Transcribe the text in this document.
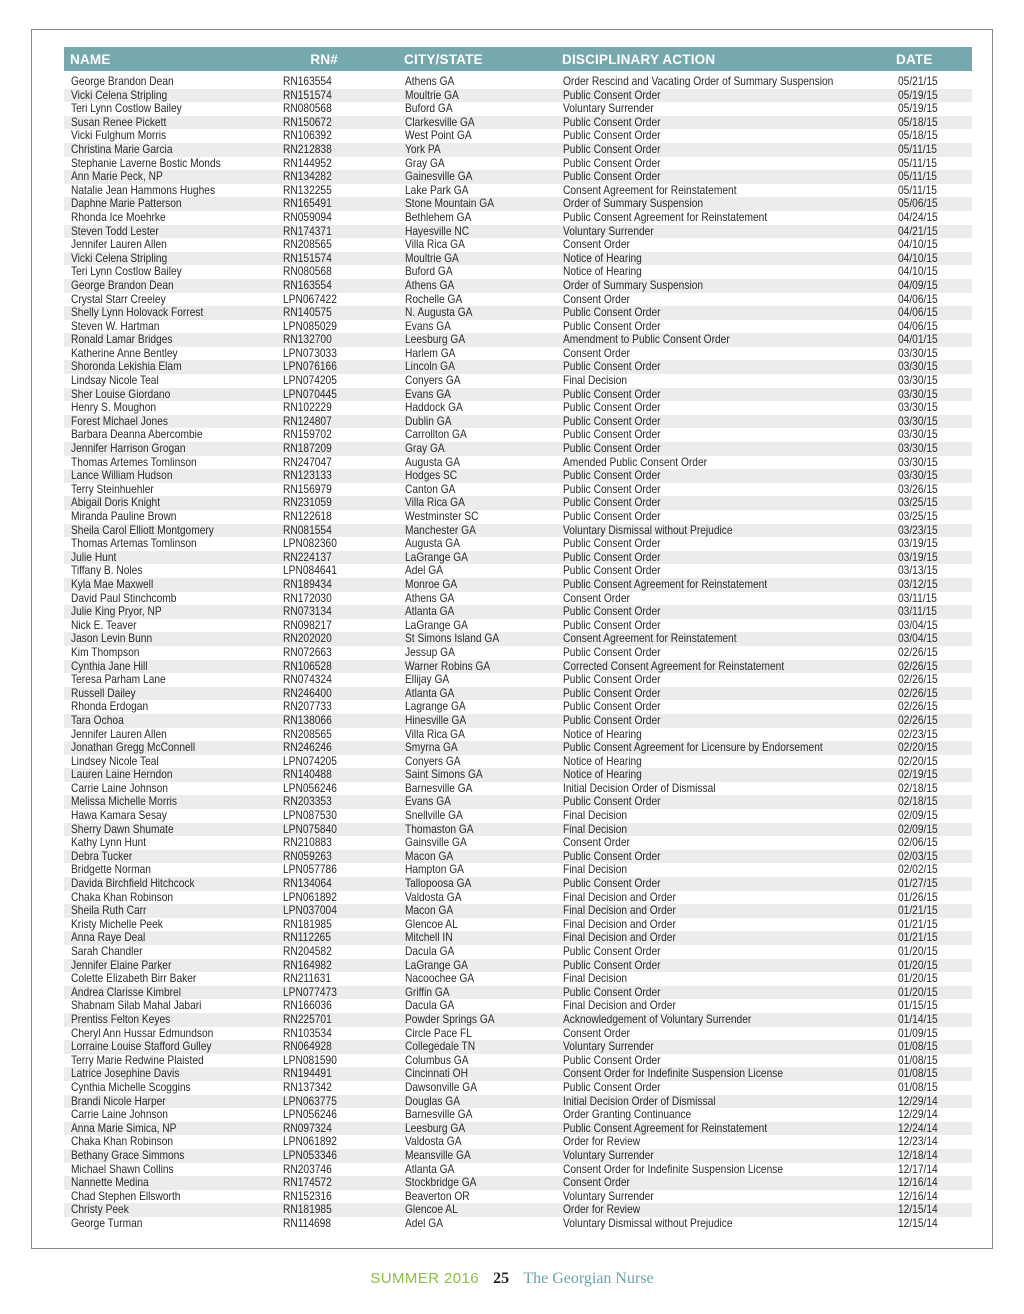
NAME	RN#	CITY/STATE	DISCIPLINARY ACTION	DATE

George Brandon Dean	RN163554	Athens GA	Order Rescind and Vacating Order of Summary Suspension	05/21/15
Vicki Celena Stripling	RN151574	Moultrie GA	Public Consent Order	05/19/15
Teri Lynn Costlow Bailey	RN080568	Buford GA	Voluntary Surrender	05/19/15
Susan Renee Pickett	RN150672	Clarkesville GA	Public Consent Order	05/18/15
Vicki Fulghum Morris	RN106392	West Point GA	Public Consent Order	05/18/15
Christina Marie Garcia	RN212838	York PA	Public Consent Order	05/11/15
Stephanie Laverne Bostic Monds	RN144952	Gray GA	Public Consent Order	05/11/15
Ann Marie Peck, NP	RN134282	Gainesville GA	Public Consent Order	05/11/15
Natalie Jean Hammons Hughes	RN132255	Lake Park GA	Consent Agreement for Reinstatement	05/11/15
Daphne Marie Patterson	RN165491	Stone Mountain GA	Order of Summary Suspension	05/06/15
Rhonda Ice Moehrke	RN059094	Bethlehem GA	Public Consent Agreement for Reinstatement	04/24/15
Steven Todd Lester	RN174371	Hayesville NC	Voluntary Surrender	04/21/15
Jennifer Lauren Allen	RN208565	Villa Rica GA	Consent Order	04/10/15
Vicki Celena Stripling	RN151574	Moultrie GA	Notice of Hearing	04/10/15
Teri Lynn Costlow Bailey	RN080568	Buford GA	Notice of Hearing	04/10/15
George Brandon Dean	RN163554	Athens GA	Order of Summary Suspension	04/09/15
Crystal Starr Creeley	LPN067422	Rochelle GA	Consent Order	04/06/15
Shelly Lynn Holovack Forrest	RN140575	N. Augusta GA	Public Consent Order	04/06/15
Steven W. Hartman	LPN085029	Evans GA	Public Consent Order	04/06/15
Ronald Lamar Bridges	RN132700	Leesburg GA	Amendment to Public Consent Order	04/01/15
Katherine Anne Bentley	LPN073033	Harlem GA	Consent Order	03/30/15
Shoronda Lekishia Elam	LPN076166	Lincoln GA	Public Consent Order	03/30/15
Lindsay Nicole Teal	LPN074205	Conyers GA	Final Decision	03/30/15
Sher Louise Giordano	LPN070445	Evans GA	Public Consent Order	03/30/15
Henry S. Moughon	RN102229	Haddock GA	Public Consent Order	03/30/15
Forest Michael Jones	RN124807	Dublin GA	Public Consent Order	03/30/15
Barbara Deanna Abercombie	RN159702	Carrollton GA	Public Consent Order	03/30/15
Jennifer Harrison Grogan	RN187209	Gray GA	Public Consent Order	03/30/15
Thomas Artemes Tomlinson	RN247047	Augusta GA	Amended Public Consent Order	03/30/15
Lance William Hudson	RN123133	Hodges SC	Public Consent Order	03/30/15
Terry Steinhuehler	RN156979	Canton GA	Public Consent Order	03/26/15
Abigail Doris Knight	RN231059	Villa Rica GA	Public Consent Order	03/25/15
Miranda Pauline Brown	RN122618	Westminster SC	Public Consent Order	03/25/15
Sheila Carol Elliott Montgomery	RN081554	Manchester GA	Voluntary Dismissal without Prejudice	03/23/15
Thomas Artemas Tomlinson	LPN082360	Augusta GA	Public Consent Order	03/19/15
Julie Hunt	RN224137	LaGrange GA	Public Consent Order	03/19/15
Tiffany B. Noles	LPN084641	Adel GA	Public Consent Order	03/13/15
Kyla Mae Maxwell	RN189434	Monroe GA	Public Consent Agreement for Reinstatement	03/12/15
David Paul Stinchcomb	RN172030	Athens GA	Consent Order	03/11/15
Julie King Pryor, NP	RN073134	Atlanta GA	Public Consent Order	03/11/15
Nick E. Teaver	RN098217	LaGrange GA	Public Consent Order	03/04/15
Jason Levin Bunn	RN202020	St Simons Island GA	Consent Agreement for Reinstatement	03/04/15
Kim Thompson	RN072663	Jessup GA	Public Consent Order	02/26/15
Cynthia Jane Hill	RN106528	Warner Robins GA	Corrected Consent Agreement for Reinstatement	02/26/15
Teresa Parham Lane	RN074324	Ellijay GA	Public Consent Order	02/26/15
Russell Dailey	RN246400	Atlanta GA	Public Consent Order	02/26/15
Rhonda Erdogan	RN207733	Lagrange GA	Public Consent Order	02/26/15
Tara Ochoa	RN138066	Hinesville GA	Public Consent Order	02/26/15
Jennifer Lauren Allen	RN208565	Villa Rica GA	Notice of Hearing	02/23/15
Jonathan Gregg McConnell	RN246246	Smyrna GA	Public Consent Agreement for Licensure by Endorsement	02/20/15
Lindsey Nicole Teal	LPN074205	Conyers GA	Notice of Hearing	02/20/15
Lauren Laine Herndon	RN140488	Saint Simons GA	Notice of Hearing	02/19/15
Carrie Laine Johnson	LPN056246	Barnesville GA	Initial Decision Order of Dismissal	02/18/15
Melissa Michelle Morris	RN203353	Evans GA	Public Consent Order	02/18/15
Hawa Kamara Sesay	LPN087530	Snellville GA	Final Decision	02/09/15
Sherry Dawn Shumate	LPN075840	Thomaston GA	Final Decision	02/09/15
Kathy Lynn Hunt	RN210883	Gainsville GA	Consent Order	02/06/15
Debra Tucker	RN059263	Macon GA	Public Consent Order	02/03/15
Bridgette Norman	LPN057786	Hampton GA	Final Decision	02/02/15
Davida Birchfield Hitchcock	RN134064	Tallopoosa GA	Public Consent Order	01/27/15
Chaka Khan Robinson	LPN061892	Valdosta GA	Final Decision and Order	01/26/15
Sheila Ruth Carr	LPN037004	Macon GA	Final Decision and Order	01/21/15
Kristy Michelle Peek	RN181985	Glencoe AL	Final Decision and Order	01/21/15
Anna Raye Deal	RN112265	Mitchell IN	Final Decision and Order	01/21/15
Sarah Chandler	RN204582	Dacula GA	Public Consent Order	01/20/15
Jennifer Elaine Parker	RN164982	LaGrange GA	Public Consent Order	01/20/15
Colette Elizabeth Birr Baker	RN211631	Nacoochee GA	Final Decision	01/20/15
Andrea Clarisse Kimbrel	LPN077473	Griffin GA	Public Consent Order	01/20/15
Shabnam Silab Mahal Jabari	RN166036	Dacula GA	Final Decision and Order	01/15/15
Prentiss Felton Keyes	RN225701	Powder Springs GA	Acknowledgement of Voluntary Surrender	01/14/15
Cheryl Ann Hussar Edmundson	RN103534	Circle Pace FL	Consent Order	01/09/15
Lorraine Louise Stafford Gulley	RN064928	Collegedale TN	Voluntary Surrender	01/08/15
Terry Marie Redwine Plaisted	LPN081590	Columbus GA	Public Consent Order	01/08/15
Latrice Josephine Davis	RN194491	Cincinnati OH	Consent Order for Indefinite Suspension License	01/08/15
Cynthia Michelle Scoggins	RN137342	Dawsonville GA	Public Consent Order	01/08/15
Brandi Nicole Harper	LPN063775	Douglas GA	Initial Decision Order of Dismissal	12/29/14
Carrie Laine Johnson	LPN056246	Barnesville GA	Order Granting Continuance	12/29/14
Anna Marie Simica, NP	RN097324	Leesburg GA	Public Consent Agreement for Reinstatement	12/24/14
Chaka Khan Robinson	LPN061892	Valdosta GA	Order for Review	12/23/14
Bethany Grace Simmons	LPN053346	Meansville GA	Voluntary Surrender	12/18/14
Michael Shawn Collins	RN203746	Atlanta GA	Consent Order for Indefinite Suspension License	12/17/14
Nannette Medina	RN174572	Stockbridge GA	Consent Order	12/16/14
Chad Stephen Ellsworth	RN152316	Beaverton OR	Voluntary Surrender	12/16/14
Christy Peek	RN181985	Glencoe AL	Order for Review	12/15/14
George Turman	RN114698	Adel GA	Voluntary Dismissal without Prejudice	12/15/14
SUMMER 2016 25 The Georgian Nurse
